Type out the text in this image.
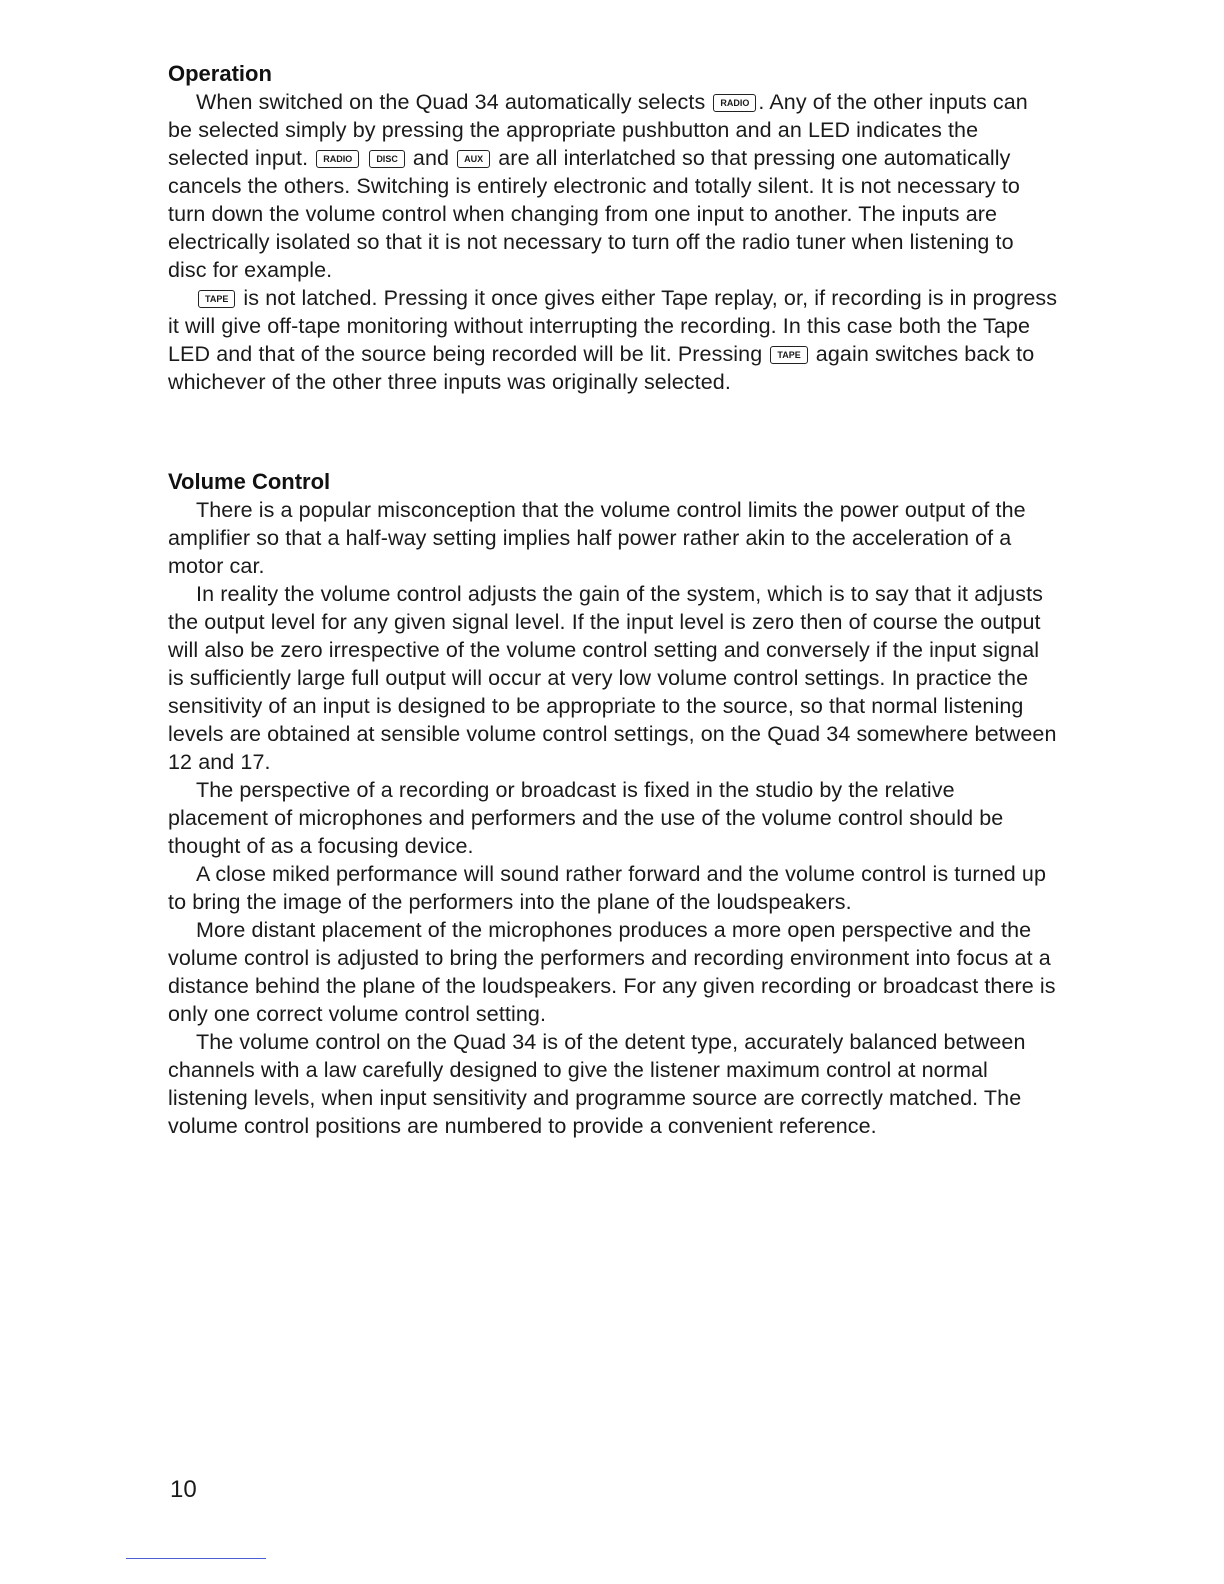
Operation

When switched on the Quad 34 automatically selects RADIO . Any of the other inputs can be selected simply by pressing the appropriate pushbutton and an LED indicates the selected input. RADIO	DISC and AUX are all interlatched so that pressing one automatically cancels the others. Switching is entirely electronic and totally silent. It is not necessary to turn down the volume control when changing from one input to another. The inputs are electrically isolated so that it is not necessary to turn off the radio tuner when listening to disc for example.

TAPE is not latched. Pressing it once gives either Tape replay, or, if recording is in progress it will give off-tape monitoring without interrupting the recording. In this case both the Tape LED and that of the source being recorded will be lit. Pressing TAPE again switches back to whichever of the other three inputs was originally selected.

Volume Control

There is a popular misconception that the volume control limits the power output of the amplifier so that a half-way setting implies half power rather akin to the acceleration of a motor car.

In reality the volume control adjusts the gain of the system, which is to say that it adjusts the output level for any given signal level. If the input level is zero then of course the output will also be zero irrespective of the volume control setting and conversely if the input signal is sufficiently large full output will occur at very low volume control settings. In practice the sensitivity of an input is designed to be appropriate to the source, so that normal listening levels are obtained at sensible volume control settings, on the Quad 34 somewhere between 12 and 17.

The perspective of a recording or broadcast is fixed in the studio by the relative placement of microphones and performers and the use of the volume control should be thought of as a focusing device.

A close miked performance will sound rather forward and the volume control is turned up to bring the image of the performers into the plane of the loudspeakers.

More distant placement of the microphones produces a more open perspective and the volume control is adjusted to bring the performers and recording environment into focus at a distance behind the plane of the loudspeakers. For any given recording or broadcast there is only one correct volume control setting.

The volume control on the Quad 34 is of the detent type, accurately balanced between channels with a law carefully designed to give the listener maximum control at normal listening levels, when input sensitivity and programme source are correctly matched. The volume control positions are numbered to provide a convenient reference.

10
